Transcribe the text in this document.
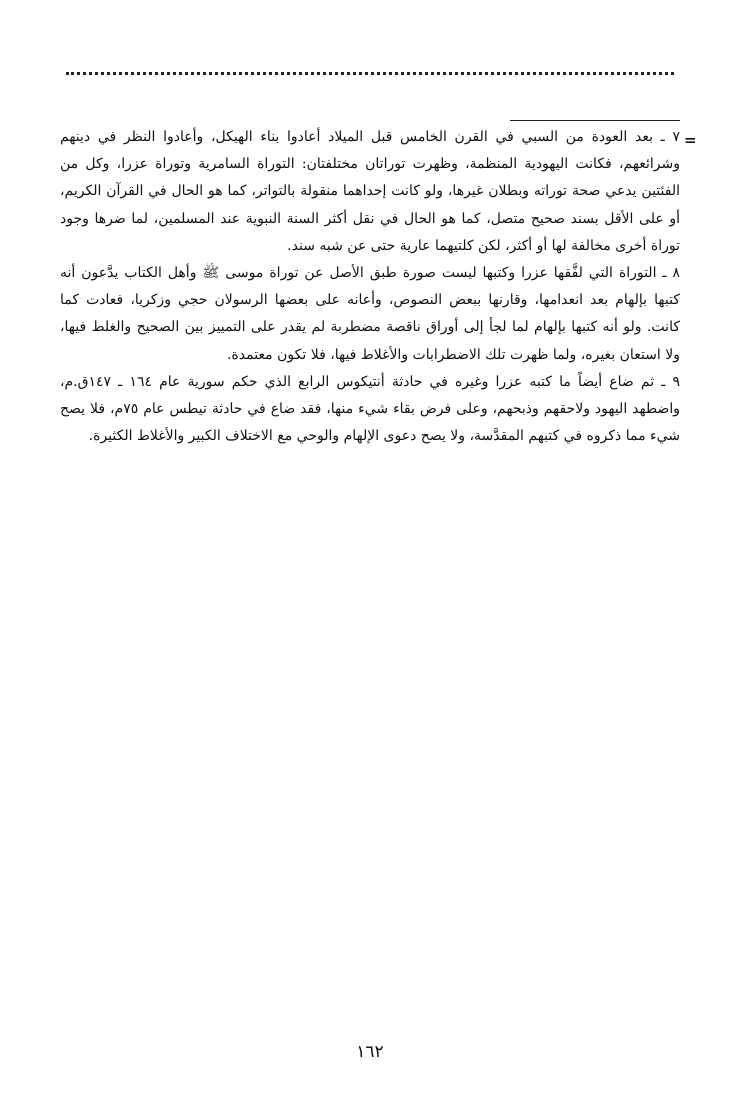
=

٧ ـ بعد العودة من السبي في القرن الخامس قبل الميلاد أعادوا بناء الهيكل، وأعادوا النظر في دينهم وشرائعهم، فكانت اليهودية المنظمة، وظهرت توراتان مختلفتان: التوراة السامرية وتوراة عزرا، وكل من الفئتين يدعي صحة توراته وبطلان غيرها، ولو كانت إحداهما منقولة بالتواتر، كما هو الحال في القرآن الكريم، أو على الأقل بسند صحيح متصل، كما هو الحال في نقل أكثر السنة النبوية عند المسلمين، لما ضرها وجود توراة أخرى مخالفة لها أو أكثر، لكن كلتيهما عارية حتى عن شبه سند.

٨ ـ التوراة التي لفَّقها عزرا وكتبها ليست صورة طبق الأصل عن توراة موسى ﷺ وأهل الكتاب يدَّعون أنه كتبها بإلهام بعد انعدامها، وقارنها ببعض النصوص، وأعانه على بعضها الرسولان حجي وزكريا، فعادت كما كانت. ولو أنه كتبها بإلهام لما لجأ إلى أوراق ناقصة مضطربة لم يقدر على التمييز بين الصحيح والغلط فيها، ولا استعان بغيره، ولما ظهرت تلك الاضطرابات والأغلاط فيها، فلا تكون معتمدة.

٩ ـ ثم ضاع أيضاً ما كتبه عزرا وغيره في حادثة أنتيكوس الرابع الذي حكم سورية عام ١٦٤ ـ ١٤٧ق.م، واضطهد اليهود ولاحقهم وذبحهم، وعلى فرض بقاء شيء منها، فقد ضاع في حادثة تيطس عام ٧٥م، فلا يصح شيء مما ذكروه في كتبهم المقدَّسة، ولا يصح دعوى الإلهام والوحي مع الاختلاف الكبير والأغلاط الكثيرة.

١٦٢
